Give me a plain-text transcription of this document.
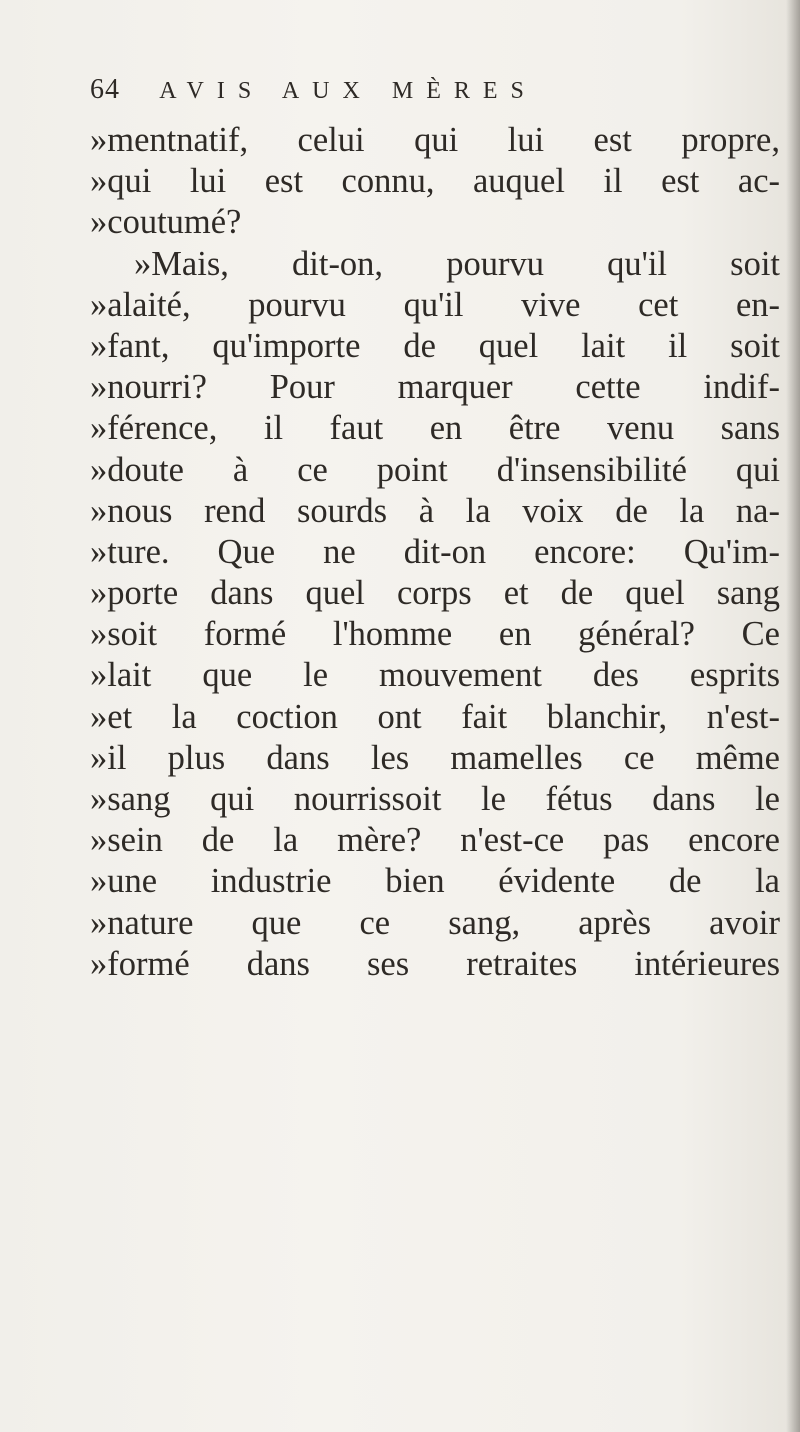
64 AVIS AUX MÈRES
»mentnatif, celui qui lui est propre,
»qui lui est connu, auquel il est ac-
»coutumé?
»Mais, dit-on, pourvu qu'il soit
»alaité, pourvu qu'il vive cet en-
»fant, qu'importe de quel lait il soit
»nourri? Pour marquer cette indif-
»férence, il faut en être venu sans
»doute à ce point d'insensibilité qui
»nous rend sourds à la voix de la na-
»ture. Que ne dit-on encore: Qu'im-
»porte dans quel corps et de quel sang
»soit formé l'homme en général? Ce
»lait que le mouvement des esprits
»et la coction ont fait blanchir, n'est-
»il plus dans les mamelles ce même
»sang qui nourrissoit le fétus dans le
»sein de la mère? n'est-ce pas encore
»une industrie bien évidente de la
»nature que ce sang, après avoir
»formé dans ses retraites intérieures
